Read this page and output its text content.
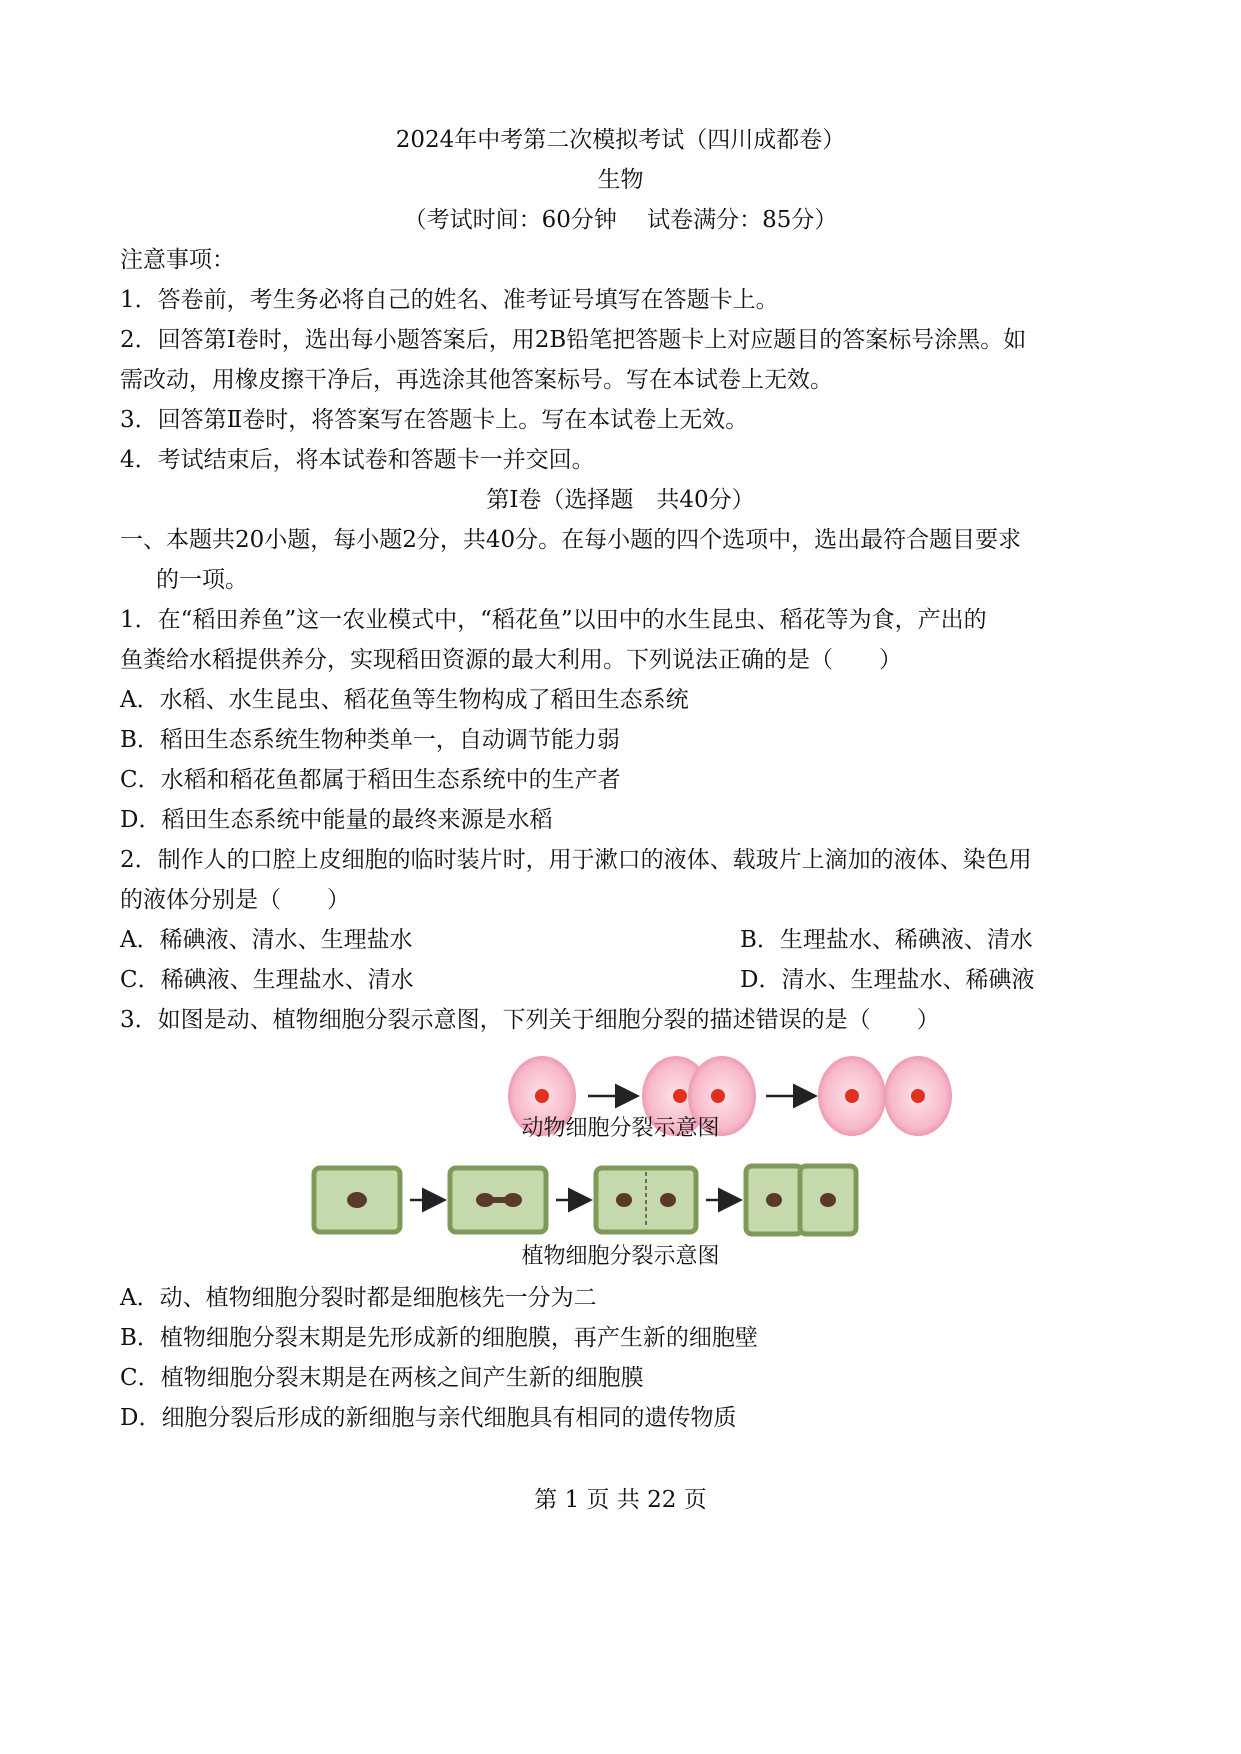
2024年中考第二次模拟考试（四川成都卷）
生物
（考试时间：60分钟　 试卷满分：85分）
注意事项：
1．答卷前，考生务必将自己的姓名、准考证号填写在答题卡上。
2．回答第Ⅰ卷时，选出每小题答案后，用2B铅笔把答题卡上对应题目的答案标号涂黑。如
需改动，用橡皮擦干净后，再选涂其他答案标号。写在本试卷上无效。
3．回答第Ⅱ卷时，将答案写在答题卡上。写在本试卷上无效。
4．考试结束后，将本试卷和答题卡一并交回。
第Ⅰ卷（选择题　共40分）
一、本题共20小题，每小题2分，共40分。在每小题的四个选项中，选出最符合题目要求
的一项。
1．在“稻田养鱼”这一农业模式中，“稻花鱼”以田中的水生昆虫、稻花等为食，产出的
鱼粪给水稻提供养分，实现稻田资源的最大利用。下列说法正确的是（　　）
A．水稻、水生昆虫、稻花鱼等生物构成了稻田生态系统
B．稻田生态系统生物种类单一，自动调节能力弱
C．水稻和稻花鱼都属于稻田生态系统中的生产者
D．稻田生态系统中能量的最终来源是水稻
2．制作人的口腔上皮细胞的临时装片时，用于漱口的液体、载玻片上滴加的液体、染色用
的液体分别是（　　）
A．稀碘液、清水、生理盐水	B．生理盐水、稀碘液、清水
C．稀碘液、生理盐水、清水	D．清水、生理盐水、稀碘液
3．如图是动、植物细胞分裂示意图，下列关于细胞分裂的描述错误的是（　　）
动物细胞分裂示意图
植物细胞分裂示意图
A．动、植物细胞分裂时都是细胞核先一分为二
B．植物细胞分裂末期是先形成新的细胞膜，再产生新的细胞壁
C．植物细胞分裂末期是在两核之间产生新的细胞膜
D．细胞分裂后形成的新细胞与亲代细胞具有相同的遗传物质
第 1 页 共 22 页
